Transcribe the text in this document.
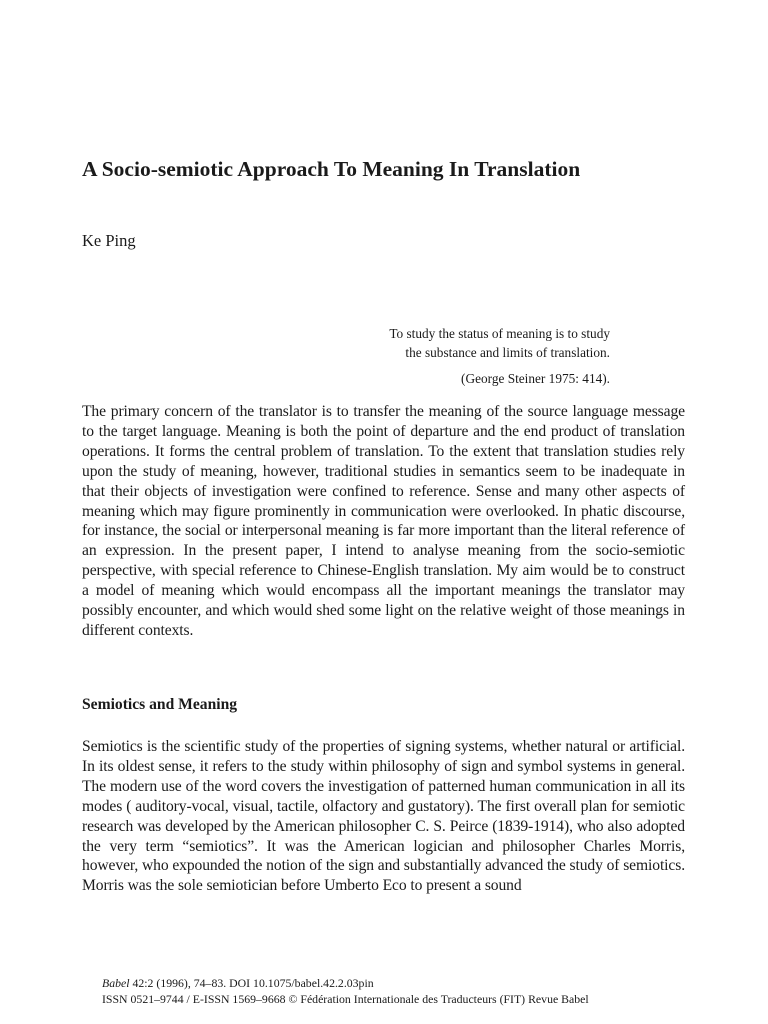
A Socio-semiotic Approach To Meaning In Translation

Ke Ping

To study the status of meaning is to study
the substance and limits of translation.
(George Steiner 1975: 414).

The primary concern of the translator is to transfer the meaning of the source language message to the target language. Meaning is both the point of departure and the end product of translation operations. It forms the central problem of translation. To the extent that translation studies rely upon the study of meaning, however, traditional studies in semantics seem to be inadequate in that their objects of investigation were confined to reference. Sense and many other aspects of meaning which may figure prominently in communication were overlooked. In phatic discourse, for instance, the social or interpersonal meaning is far more important than the literal reference of an expression. In the present paper, I intend to analyse meaning from the socio-semiotic perspective, with special reference to Chinese-English translation. My aim would be to construct a model of meaning which would encompass all the important meanings the translator may possibly encounter, and which would shed some light on the relative weight of those meanings in different contexts.

Semiotics and Meaning

Semiotics is the scientific study of the properties of signing systems, whether natural or artificial. In its oldest sense, it refers to the study within philosophy of sign and symbol systems in general. The modern use of the word covers the investigation of patterned human communication in all its modes ( auditory-vocal, visual, tactile, olfactory and gustatory). The first overall plan for semiotic research was developed by the American philosopher C. S. Peirce (1839-1914), who also adopted the very term “semiotics”. It was the American logician and philosopher Charles Morris, however, who expounded the notion of the sign and substantially advanced the study of semiotics. Morris was the sole semiotician before Umberto Eco to present a sound

Babel 42:2 (1996), 74–83. DOI 10.1075/babel.42.2.03pin
ISSN 0521–9744 / E-ISSN 1569–9668 © Fédération Internationale des Traducteurs (FIT) Revue Babel
